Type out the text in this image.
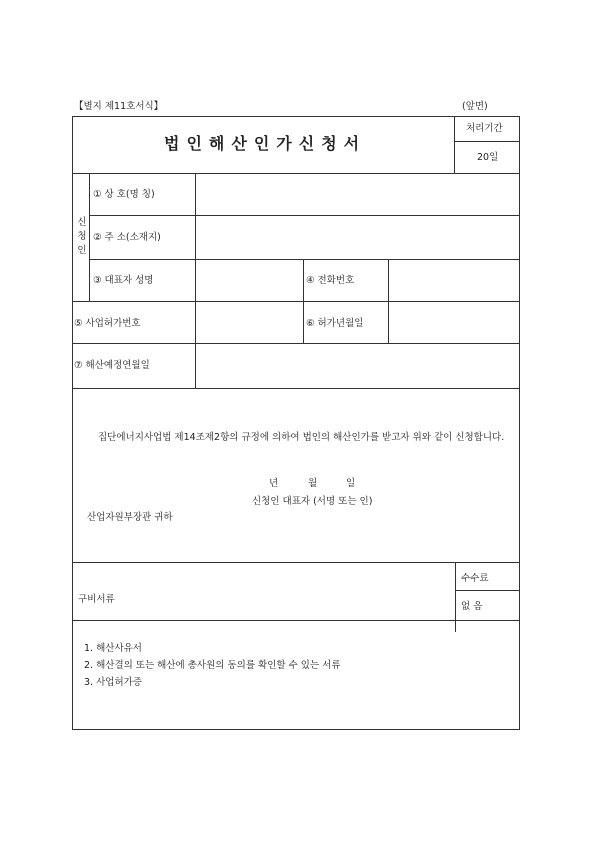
【별지 제11호서식】	(앞면)
법인해산인가신청서
처리기간
20일
신청인
① 상 호(명 칭)
② 주 소(소재지)
③ 대표자 성명	④ 전화번호
⑤ 사업허가번호	⑥ 허가년월일
⑦ 해산예정연월일
집단에너지사업법 제14조제2항의 규정에 의하여 법인의 해산인가를 받고자 위와 같이 신청합니다.
년	월	일
신청인 대표자 (서명 또는 인)
산업자원부장관 귀하
구비서류
수수료
없 음
1. 해산사유서
2. 해산결의 또는 해산에 총사원의 동의를 확인할 수 있는 서류
3. 사업허가증
